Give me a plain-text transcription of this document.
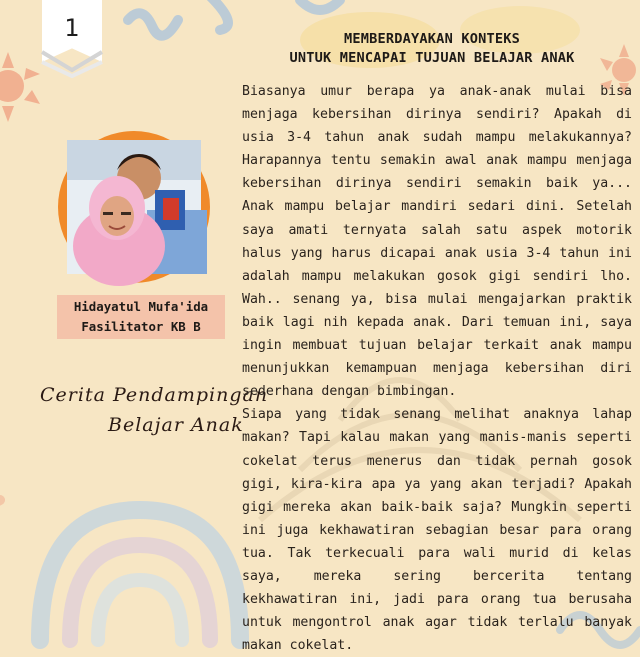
1	MEMBERDAYAKAN KONTEKS
UNTUK MENCAPAI TUJUAN BELAJAR ANAK
Hidayatul Mufa'ida
Fasilitator KB B
Cerita Pendampingan
Belajar Anak

Biasanya umur berapa ya anak-anak mulai bisa menjaga kebersihan dirinya sendiri? Apakah di usia 3-4 tahun anak sudah mampu melakukannya? Harapannya tentu semakin awal anak mampu menjaga kebersihan dirinya sendiri semakin baik ya... Anak mampu belajar mandiri sedari dini. Setelah saya amati ternyata salah satu aspek motorik halus yang harus dicapai anak usia 3-4 tahun ini adalah mampu melakukan gosok gigi sendiri lho. Wah.. senang ya, bisa mulai mengajarkan praktik baik lagi nih kepada anak. Dari temuan ini, saya ingin membuat tujuan belajar terkait anak mampu menunjukkan kemampuan menjaga kebersihan diri sederhana dengan bimbingan.

Siapa yang tidak senang melihat anaknya lahap makan? Tapi kalau makan yang manis-manis seperti cokelat terus menerus dan tidak pernah gosok gigi, kira-kira apa ya yang akan terjadi? Apakah gigi mereka akan baik-baik saja? Mungkin seperti ini juga kekhawatiran sebagian besar para orang tua. Tak terkecuali para wali murid di kelas saya, mereka sering bercerita tentang kekhawatiran ini, jadi para orang tua berusaha untuk mengontrol anak agar tidak terlalu banyak makan cokelat.
